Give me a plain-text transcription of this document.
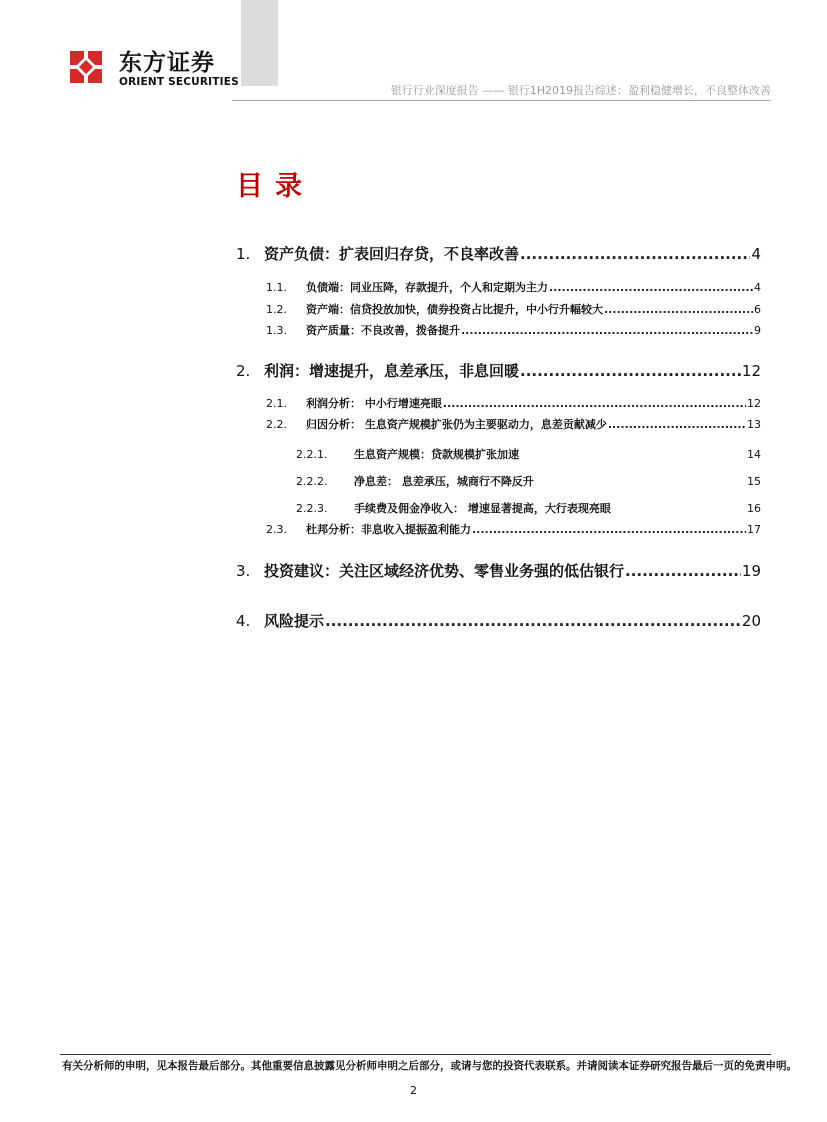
东方证券
ORIENT SECURITIES
银行行业深度报告 —— 银行1H2019报告综述：盈利稳健增长，不良整体改善
目录
1. 资产负债：扩表回归存贷，不良率改善 .....	4
1.1.	负债端：同业压降，存款提升，个人和定期为主力 .....	4
1.2.	资产端：信贷投放加快，债券投资占比提升，中小行升幅较大 .....	6
1.3.	资产质量：不良改善，拨备提升 .....	9
2. 利润：增速提升，息差承压，非息回暖 .....	12
2.1.	利润分析： 中小行增速亮眼 .....	12
2.2.	归因分析： 生息资产规模扩张仍为主要驱动力，息差贡献减少 .....	13
2.2.1.	生息资产规模：贷款规模扩张加速	14
2.2.2.	净息差： 息差承压，城商行不降反升	15
2.2.3.	手续费及佣金净收入： 增速显著提高，大行表现亮眼	16
2.3.	杜邦分析：非息收入提振盈利能力 .....	17
3. 投资建议：关注区域经济优势、零售业务强的低估银行 .....	19
4. 风险提示 .....	20
有关分析师的申明，见本报告最后部分。其他重要信息披露见分析师申明之后部分，或请与您的投资代表联系。并请阅读本证券研究报告最后一页的免责申明。
2
